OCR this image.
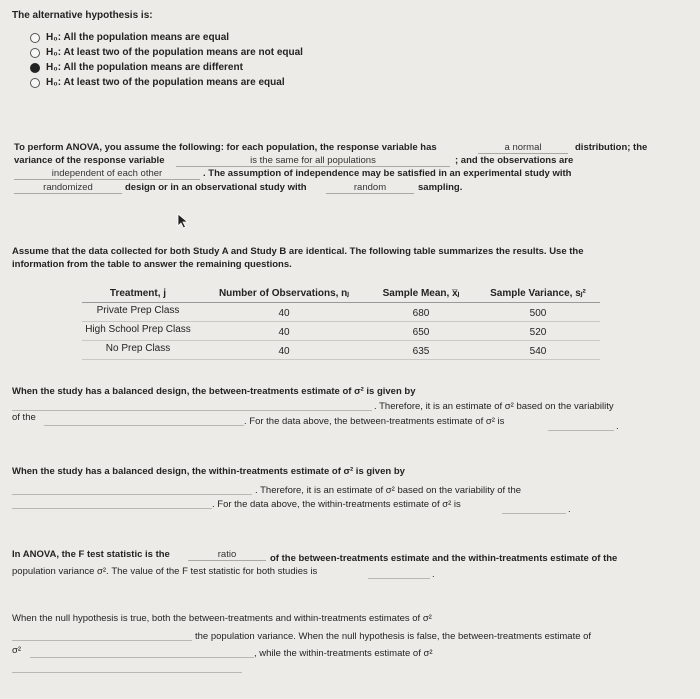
The alternative hypothesis is:
H₀: All the population means are equal
H₀: At least two of the population means are not equal
H₀: All the population means are different
H₀: At least two of the population means are equal
To perform ANOVA, you assume the following: for each population, the response variable has	a normal	distribution; the
variance of the response variable	is the same for all populations	; and the observations are
independent of each other	. The assumption of independence may be satisfied in an experimental study with
randomized	design or in an observational study with	random	sampling.
Assume that the data collected for both Study A and Study B are identical. The following table summarizes the results. Use the
information from the table to answer the remaining questions.
Treatment, j	Number of Observations, nⱼ	Sample Mean, x̅ⱼ	Sample Variance, sⱼ²
Private Prep Class	40	680	500
High School Prep Class	40	650	520
No Prep Class	40	635	540
When the study has a balanced design, the between-treatments estimate of σ² is given by
. Therefore, it is an estimate of σ² based on the variability
of the	. For the data above, the between-treatments estimate of σ² is	.
When the study has a balanced design, the within-treatments estimate of σ² is given by
. Therefore, it is an estimate of σ² based on the variability of the
. For the data above, the within-treatments estimate of σ² is	.
In ANOVA, the F test statistic is the	ratio	of the between-treatments estimate and the within-treatments estimate of the
population variance σ². The value of the F test statistic for both studies is	.
When the null hypothesis is true, both the between-treatments and within-treatments estimates of σ²
the population variance. When the null hypothesis is false, the between-treatments estimate of
σ²	, while the within-treatments estimate of σ²
